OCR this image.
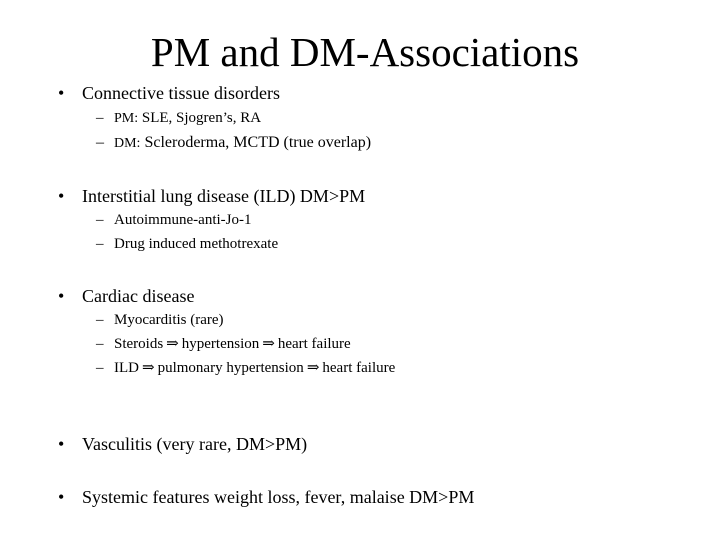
PM and DM-Associations
• Connective tissue disorders
– PM: SLE, Sjogren’s, RA
– DM: Scleroderma, MCTD (true overlap)
• Interstitial lung disease (ILD) DM>PM
– Autoimmune-anti-Jo-1
– Drug induced methotrexate
• Cardiac disease
– Myocarditis (rare)
– Steroids ⇒ hypertension ⇒ heart failure
– ILD ⇒ pulmonary hypertension ⇒ heart failure
• Vasculitis (very rare, DM>PM)
• Systemic features weight loss, fever, malaise DM>PM
